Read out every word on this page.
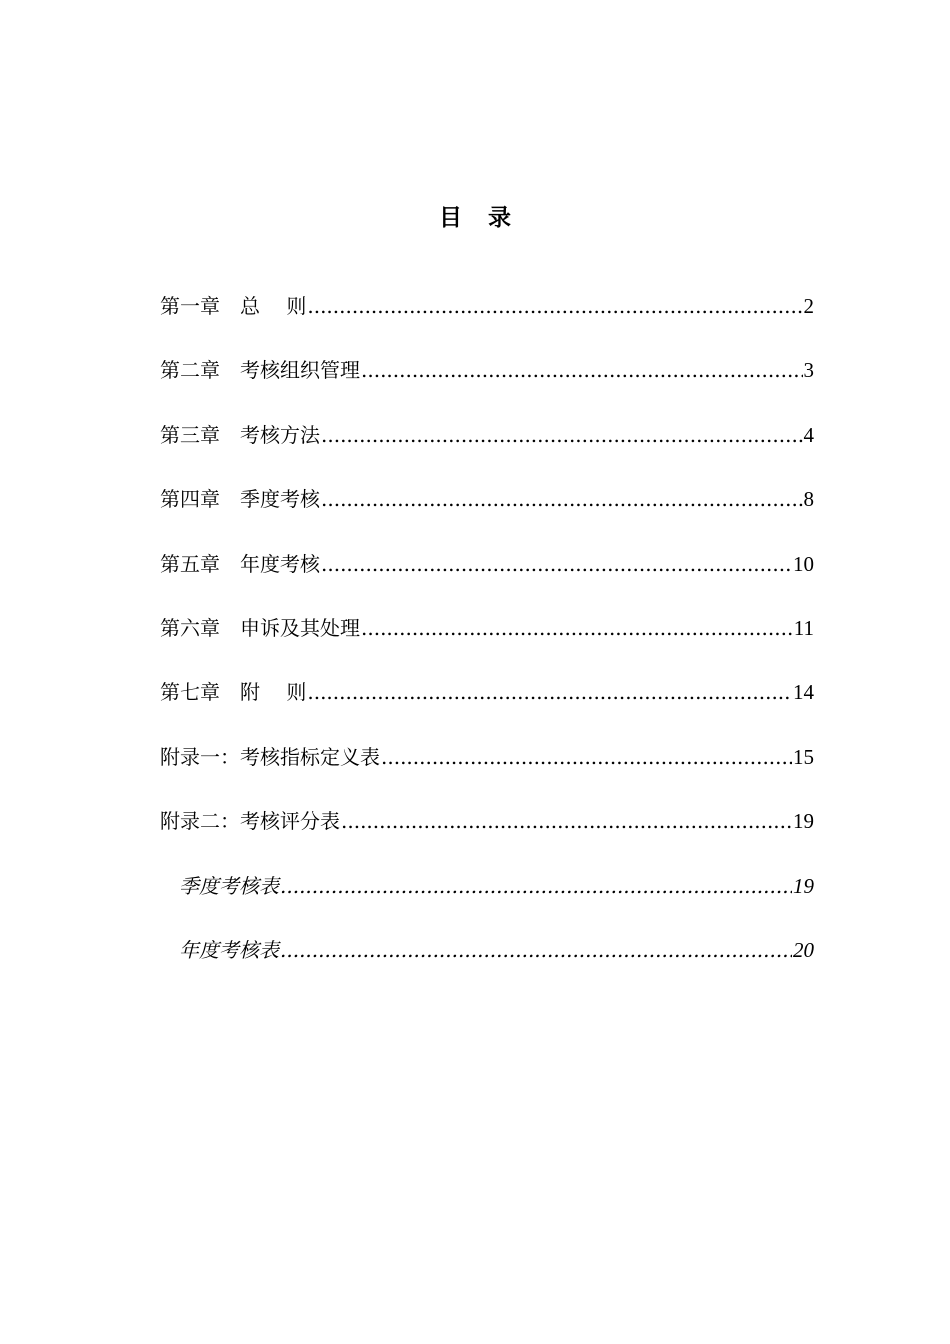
目 录
第一章 总　 则 .....	2
第二章 考核组织管理 .....	3
第三章 考核方法 .....	4
第四章 季度考核 .....	8
第五章 年度考核 .....	10
第六章 申诉及其处理 .....	11
第七章 附　 则 .....	14
附录一：考核指标定义表 .....	15
附录二：考核评分表 .....	19
季度考核表 .....	19
年度考核表 .....	20
